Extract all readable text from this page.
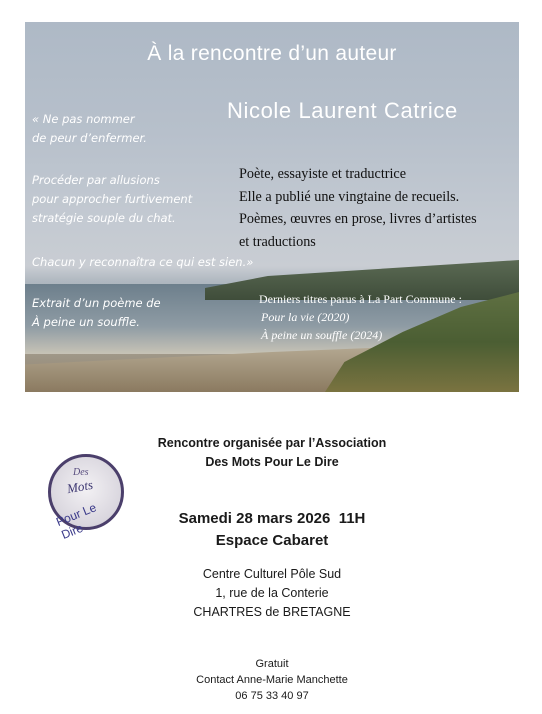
À la rencontre d’un auteur
Nicole Laurent Catrice

« Ne pas nommer
de peur d’enfermer.

Procéder par allusions
pour approcher furtivement
stratégie souple du chat.

Chacun y reconnaîtra ce qui est sien.»

Extrait d’un poème de
À peine un souffle.

Poète, essayiste et traductrice
Elle a publié une vingtaine de recueils.
Poèmes, œuvres en prose, livres d’artistes
et traductions
Derniers titres parus à La Part Commune :
Pour la vie (2020)
À peine un souffle (2024)
Des
Mots
Pour Le Dire

Rencontre organisée par l’Association
Des Mots Pour Le Dire

Samedi 28 mars 2026  11H
Espace Cabaret

Centre Culturel Pôle Sud
1, rue de la Conterie
CHARTRES de BRETAGNE

Gratuit
Contact Anne-Marie Manchette
06 75 33 40 97
